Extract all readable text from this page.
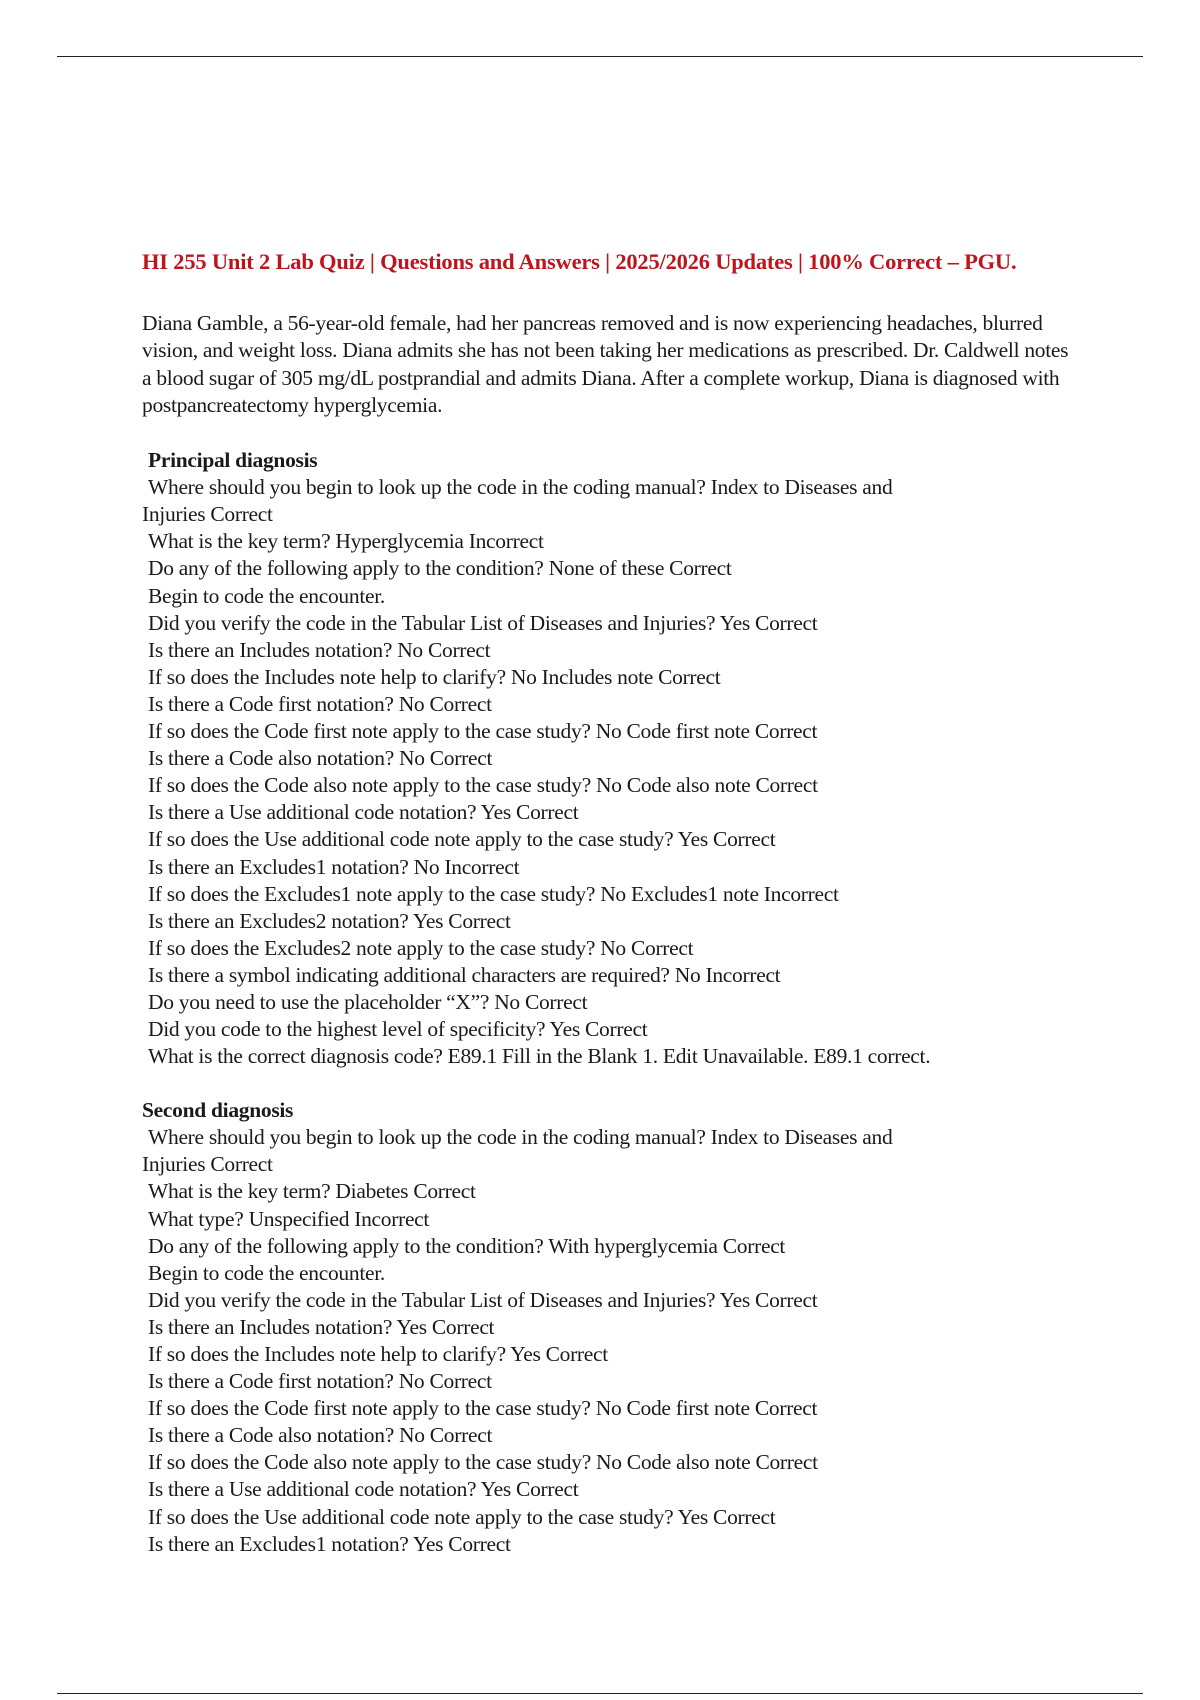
HI 255 Unit 2 Lab Quiz | Questions and Answers | 2025/2026 Updates | 100% Correct – PGU.

Diana Gamble, a 56-year-old female, had her pancreas removed and is now experiencing headaches, blurred vision, and weight loss. Diana admits she has not been taking her medications as prescribed. Dr. Caldwell notes a blood sugar of 305 mg/dL postprandial and admits Diana. After a complete workup, Diana is diagnosed with postpancreatectomy hyperglycemia.

Principal diagnosis
Where should you begin to look up the code in the coding manual? Index to Diseases and
Injuries Correct
What is the key term? Hyperglycemia Incorrect
Do any of the following apply to the condition? None of these Correct
Begin to code the encounter.
Did you verify the code in the Tabular List of Diseases and Injuries? Yes Correct
Is there an Includes notation? No Correct
If so does the Includes note help to clarify? No Includes note Correct
Is there a Code first notation? No Correct
If so does the Code first note apply to the case study? No Code first note Correct
Is there a Code also notation? No Correct
If so does the Code also note apply to the case study? No Code also note Correct
Is there a Use additional code notation? Yes Correct
If so does the Use additional code note apply to the case study? Yes Correct
Is there an Excludes1 notation? No Incorrect
If so does the Excludes1 note apply to the case study? No Excludes1 note Incorrect
Is there an Excludes2 notation? Yes Correct
If so does the Excludes2 note apply to the case study? No Correct
Is there a symbol indicating additional characters are required? No Incorrect
Do you need to use the placeholder “X”? No Correct
Did you code to the highest level of specificity? Yes Correct
What is the correct diagnosis code? E89.1 Fill in the Blank 1. Edit Unavailable. E89.1 correct.
Second diagnosis
Where should you begin to look up the code in the coding manual? Index to Diseases and
Injuries Correct
What is the key term? Diabetes Correct
What type? Unspecified Incorrect
Do any of the following apply to the condition? With hyperglycemia Correct
Begin to code the encounter.
Did you verify the code in the Tabular List of Diseases and Injuries? Yes Correct
Is there an Includes notation? Yes Correct
If so does the Includes note help to clarify? Yes Correct
Is there a Code first notation? No Correct
If so does the Code first note apply to the case study? No Code first note Correct
Is there a Code also notation? No Correct
If so does the Code also note apply to the case study? No Code also note Correct
Is there a Use additional code notation? Yes Correct
If so does the Use additional code note apply to the case study? Yes Correct
Is there an Excludes1 notation? Yes Correct
